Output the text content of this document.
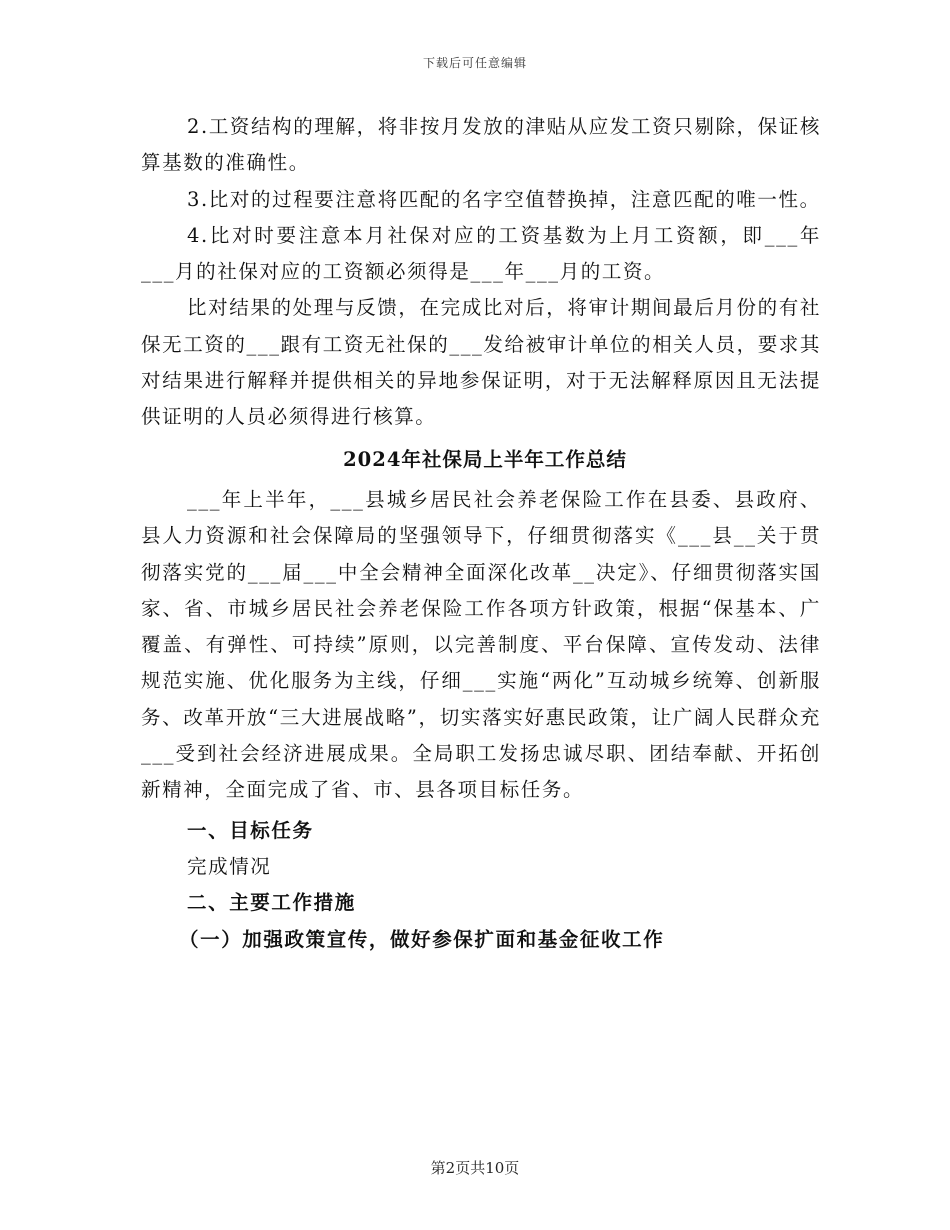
下载后可任意编辑

2.工资结构的理解，将非按月发放的津贴从应发工资只剔除，保证核算基数的准确性。

3.比对的过程要注意将匹配的名字空值替换掉，注意匹配的唯一性。

4.比对时要注意本月社保对应的工资基数为上月工资额，即___年___月的社保对应的工资额必须得是___年___月的工资。

比对结果的处理与反馈，在完成比对后，将审计期间最后月份的有社保无工资的___跟有工资无社保的___发给被审计单位的相关人员，要求其对结果进行解释并提供相关的异地参保证明，对于无法解释原因且无法提供证明的人员必须得进行核算。

2024年社保局上半年工作总结

___年上半年，___县城乡居民社会养老保险工作在县委、县政府、县人力资源和社会保障局的坚强领导下，仔细贯彻落实《___县__关于贯彻落实党的___届___中全会精神全面深化改革__决定》、仔细贯彻落实国家、省、市城乡居民社会养老保险工作各项方针政策，根据“保基本、广覆盖、有弹性、可持续”原则，以完善制度、平台保障、宣传发动、法律规范实施、优化服务为主线，仔细___实施“两化”互动城乡统筹、创新服务、改革开放“三大进展战略”，切实落实好惠民政策，让广阔人民群众充___受到社会经济进展成果。全局职工发扬忠诚尽职、团结奉献、开拓创新精神，全面完成了省、市、县各项目标任务。

一、目标任务

完成情况

二、主要工作措施

（一）加强政策宣传，做好参保扩面和基金征收工作

第2页共10页
